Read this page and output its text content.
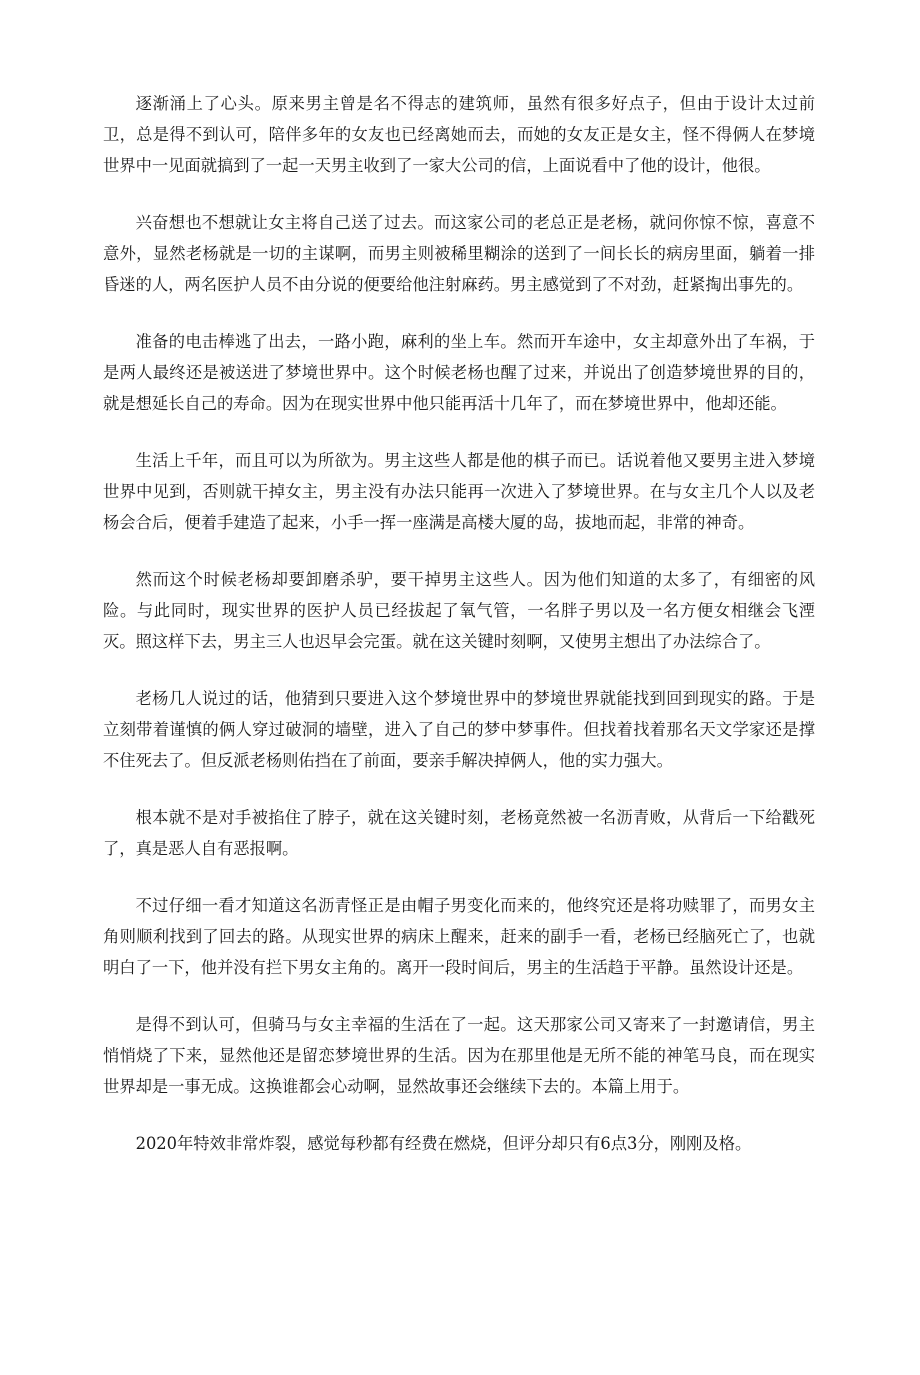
逐渐涌上了心头。原来男主曾是名不得志的建筑师，虽然有很多好点子，但由于设计太过前卫，总是得不到认可，陪伴多年的女友也已经离她而去，而她的女友正是女主，怪不得俩人在梦境世界中一见面就搞到了一起一天男主收到了一家大公司的信，上面说看中了他的设计，他很。

兴奋想也不想就让女主将自己送了过去。而这家公司的老总正是老杨，就问你惊不惊，喜意不意外，显然老杨就是一切的主谋啊，而男主则被稀里糊涂的送到了一间长长的病房里面，躺着一排昏迷的人，两名医护人员不由分说的便要给他注射麻药。男主感觉到了不对劲，赶紧掏出事先的。

准备的电击棒逃了出去，一路小跑，麻利的坐上车。然而开车途中，女主却意外出了车祸，于是两人最终还是被送进了梦境世界中。这个时候老杨也醒了过来，并说出了创造梦境世界的目的，就是想延长自己的寿命。因为在现实世界中他只能再活十几年了，而在梦境世界中，他却还能。

生活上千年，而且可以为所欲为。男主这些人都是他的棋子而已。话说着他又要男主进入梦境世界中见到，否则就干掉女主，男主没有办法只能再一次进入了梦境世界。在与女主几个人以及老杨会合后，便着手建造了起来，小手一挥一座满是高楼大厦的岛，拔地而起，非常的神奇。

然而这个时候老杨却要卸磨杀驴，要干掉男主这些人。因为他们知道的太多了，有细密的风险。与此同时，现实世界的医护人员已经拔起了氧气管，一名胖子男以及一名方便女相继会飞湮灭。照这样下去，男主三人也迟早会完蛋。就在这关键时刻啊，又使男主想出了办法综合了。

老杨几人说过的话，他猜到只要进入这个梦境世界中的梦境世界就能找到回到现实的路。于是立刻带着谨慎的俩人穿过破洞的墙壁，进入了自己的梦中梦事件。但找着找着那名天文学家还是撑不住死去了。但反派老杨则佑挡在了前面，要亲手解决掉俩人，他的实力强大。

根本就不是对手被掐住了脖子，就在这关键时刻，老杨竟然被一名沥青败，从背后一下给戳死了，真是恶人自有恶报啊。

不过仔细一看才知道这名沥青怪正是由帽子男变化而来的，他终究还是将功赎罪了，而男女主角则顺利找到了回去的路。从现实世界的病床上醒来，赶来的副手一看，老杨已经脑死亡了，也就明白了一下，他并没有拦下男女主角的。离开一段时间后，男主的生活趋于平静。虽然设计还是。

是得不到认可，但骑马与女主幸福的生活在了一起。这天那家公司又寄来了一封邀请信，男主悄悄烧了下来，显然他还是留恋梦境世界的生活。因为在那里他是无所不能的神笔马良，而在现实世界却是一事无成。这换谁都会心动啊，显然故事还会继续下去的。本篇上用于。

2020年特效非常炸裂，感觉每秒都有经费在燃烧，但评分却只有6点3分，刚刚及格。
